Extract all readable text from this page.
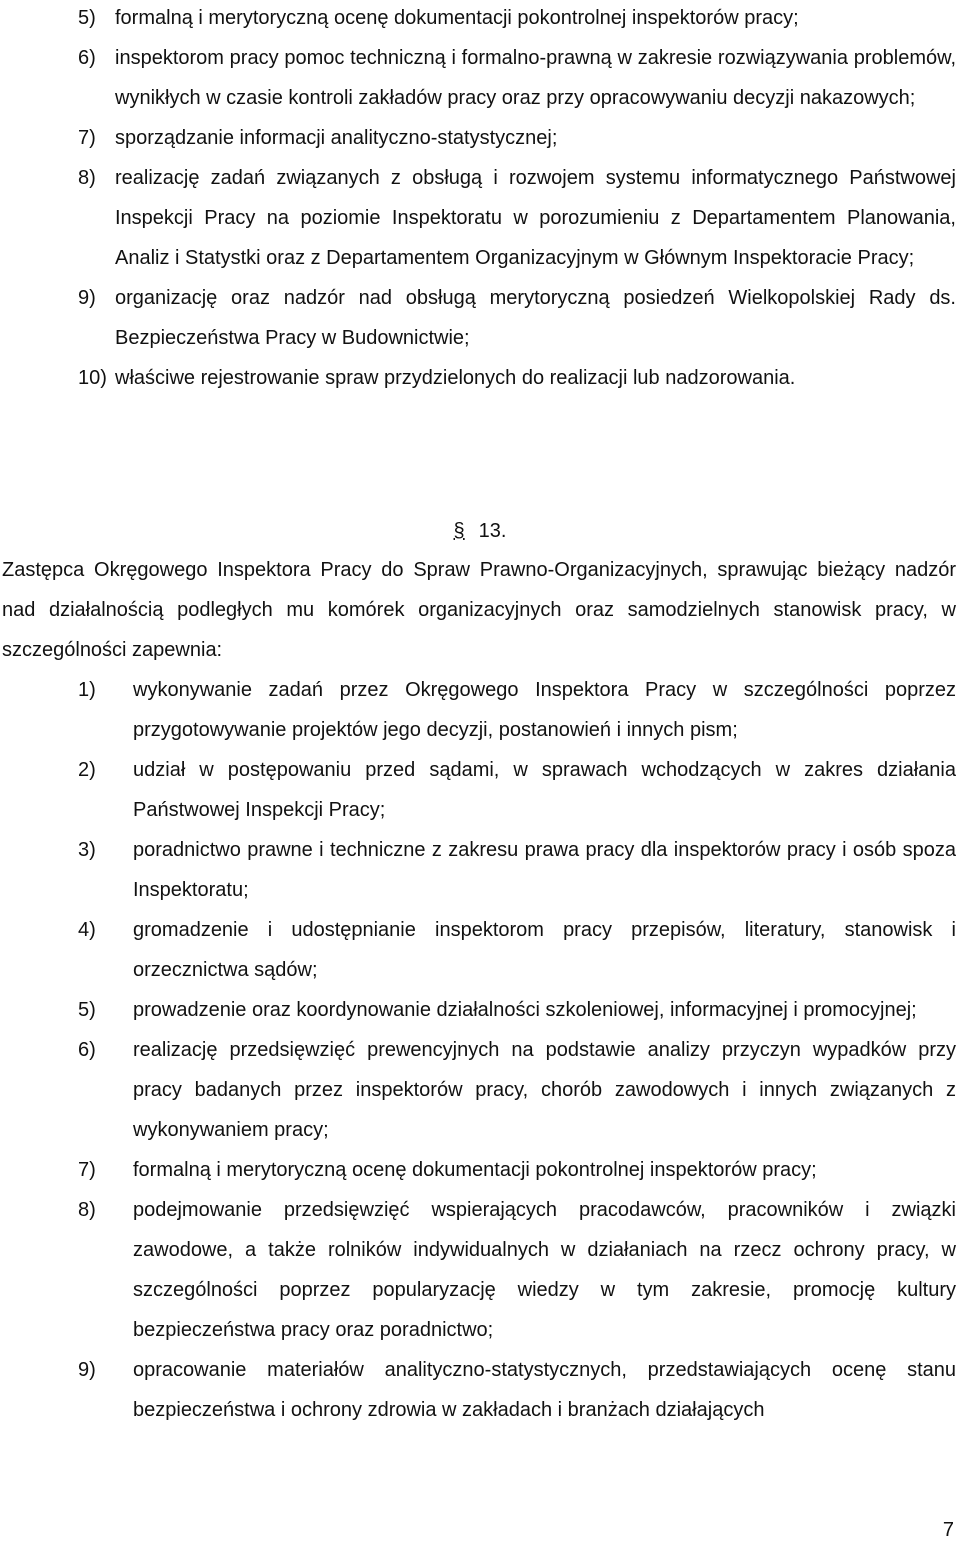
5) formalną i merytoryczną ocenę dokumentacji pokontrolnej inspektorów pracy;
6) inspektorom pracy pomoc techniczną i formalno-prawną w zakresie rozwiązywania problemów, wynikłych w czasie kontroli zakładów pracy oraz przy opracowywaniu decyzji nakazowych;
7) sporządzanie informacji analityczno-statystycznej;
8) realizację zadań związanych z obsługą i rozwojem systemu informatycznego Państwowej Inspekcji Pracy na poziomie Inspektoratu w porozumieniu z Departamentem Planowania, Analiz i Statystki oraz z Departamentem Organizacyjnym w Głównym Inspektoracie Pracy;
9) organizację oraz nadzór nad obsługą merytoryczną posiedzeń Wielkopolskiej Rady ds. Bezpieczeństwa Pracy w Budownictwie;
10) właściwe rejestrowanie spraw przydzielonych do realizacji lub nadzorowania.
§ 13.

Zastępca Okręgowego Inspektora Pracy do Spraw Prawno-Organizacyjnych, sprawując bieżący nadzór nad działalnością podległych mu komórek organizacyjnych oraz samodzielnych stanowisk pracy, w szczególności zapewnia:

1) wykonywanie zadań przez Okręgowego Inspektora Pracy w szczególności poprzez przygotowywanie projektów jego decyzji, postanowień i innych pism;
2) udział w postępowaniu przed sądami, w sprawach wchodzących w zakres działania Państwowej Inspekcji Pracy;
3) poradnictwo prawne i techniczne z zakresu prawa pracy dla inspektorów pracy i osób spoza Inspektoratu;
4) gromadzenie i udostępnianie inspektorom pracy przepisów, literatury, stanowisk i orzecznictwa sądów;
5) prowadzenie oraz koordynowanie działalności szkoleniowej, informacyjnej i promocyjnej;
6) realizację przedsięwzięć prewencyjnych na podstawie analizy przyczyn wypadków przy pracy badanych przez inspektorów pracy, chorób zawodowych i innych związanych z wykonywaniem pracy;
7) formalną i merytoryczną ocenę dokumentacji pokontrolnej inspektorów pracy;
8) podejmowanie przedsięwzięć wspierających pracodawców, pracowników i związki zawodowe, a także rolników indywidualnych w działaniach na rzecz ochrony pracy, w szczególności poprzez popularyzację wiedzy w tym zakresie, promocję kultury bezpieczeństwa pracy oraz poradnictwo;
9) opracowanie materiałów analityczno-statystycznych, przedstawiających ocenę stanu bezpieczeństwa i ochrony zdrowia w zakładach i branżach działających
7
